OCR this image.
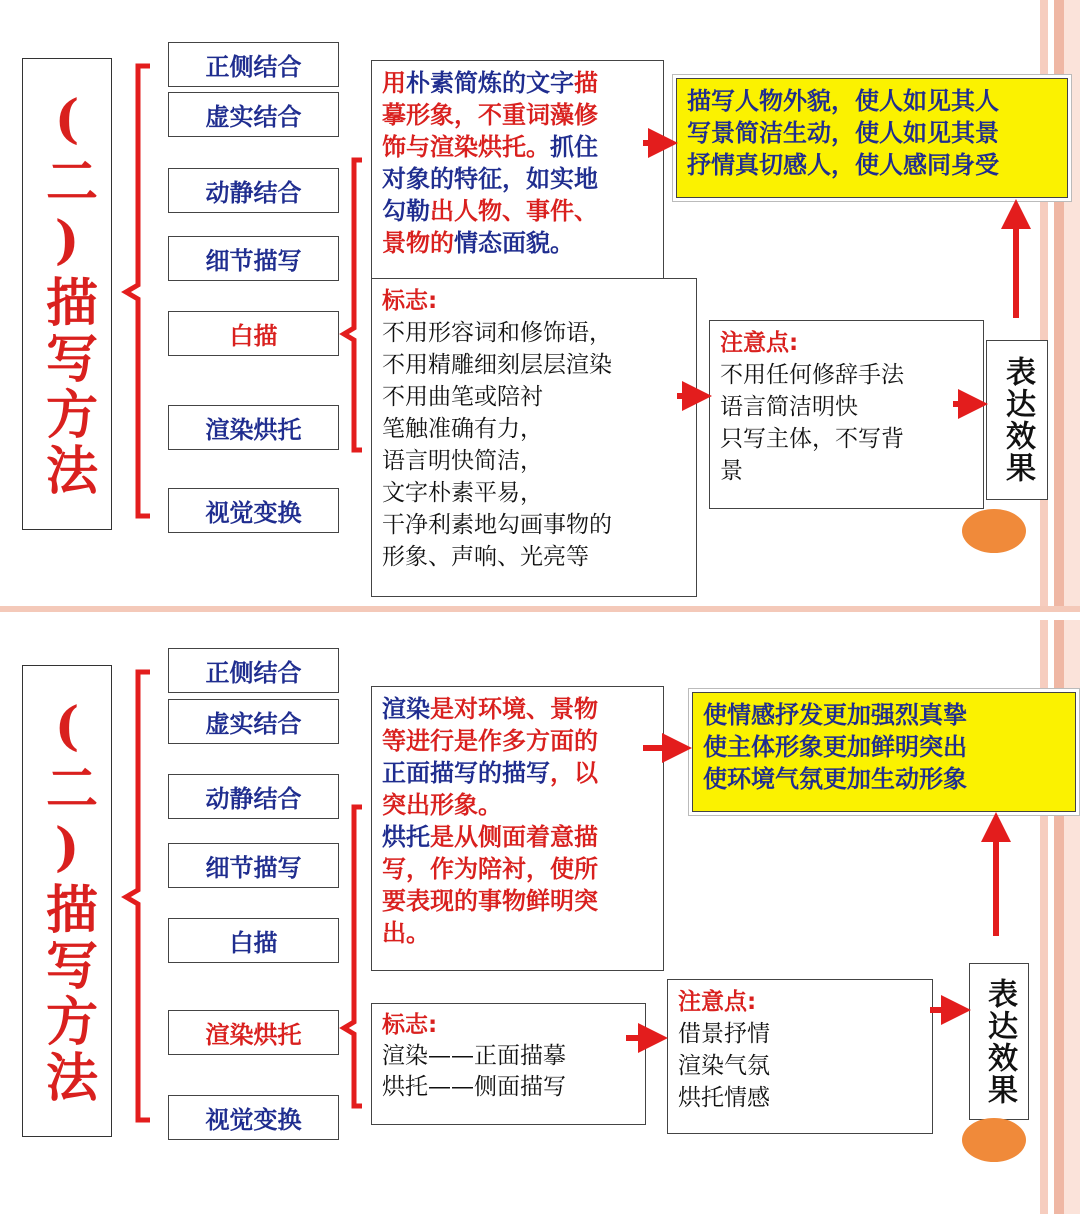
(二)描写方法
正侧结合
虚实结合
动静结合
细节描写
白描
渲染烘托
视觉变换
用朴素简炼的文字描
摹形象，不重词藻修
饰与渲染烘托。抓住
对象的特征，如实地
勾勒出人物、事件、
景物的情态面貌。
标志:
不用形容词和修饰语，
不用精雕细刻层层渲染
不用曲笔或陪衬
笔触准确有力，
语言明快简洁，
文字朴素平易，
干净利素地勾画事物的
形象、声响、光亮等
注意点:
不用任何修辞手法
语言简洁明快
只写主体，不写背
景
描写人物外貌，使人如见其人
写景简洁生动，使人如见其景
抒情真切感人，使人感同身受
表达效果
(二)描写方法
正侧结合
虚实结合
动静结合
细节描写
白描
渲染烘托
视觉变换
渲染是对环境、景物
等进行是作多方面的
正面描写的描写，以
突出形象。
烘托是从侧面着意描
写，作为陪衬，使所
要表现的事物鲜明突
出。
标志:
渲染——正面描摹
烘托——侧面描写
注意点:
借景抒情
渲染气氛
烘托情感
使情感抒发更加强烈真挚
使主体形象更加鲜明突出
使环境气氛更加生动形象
表达效果
